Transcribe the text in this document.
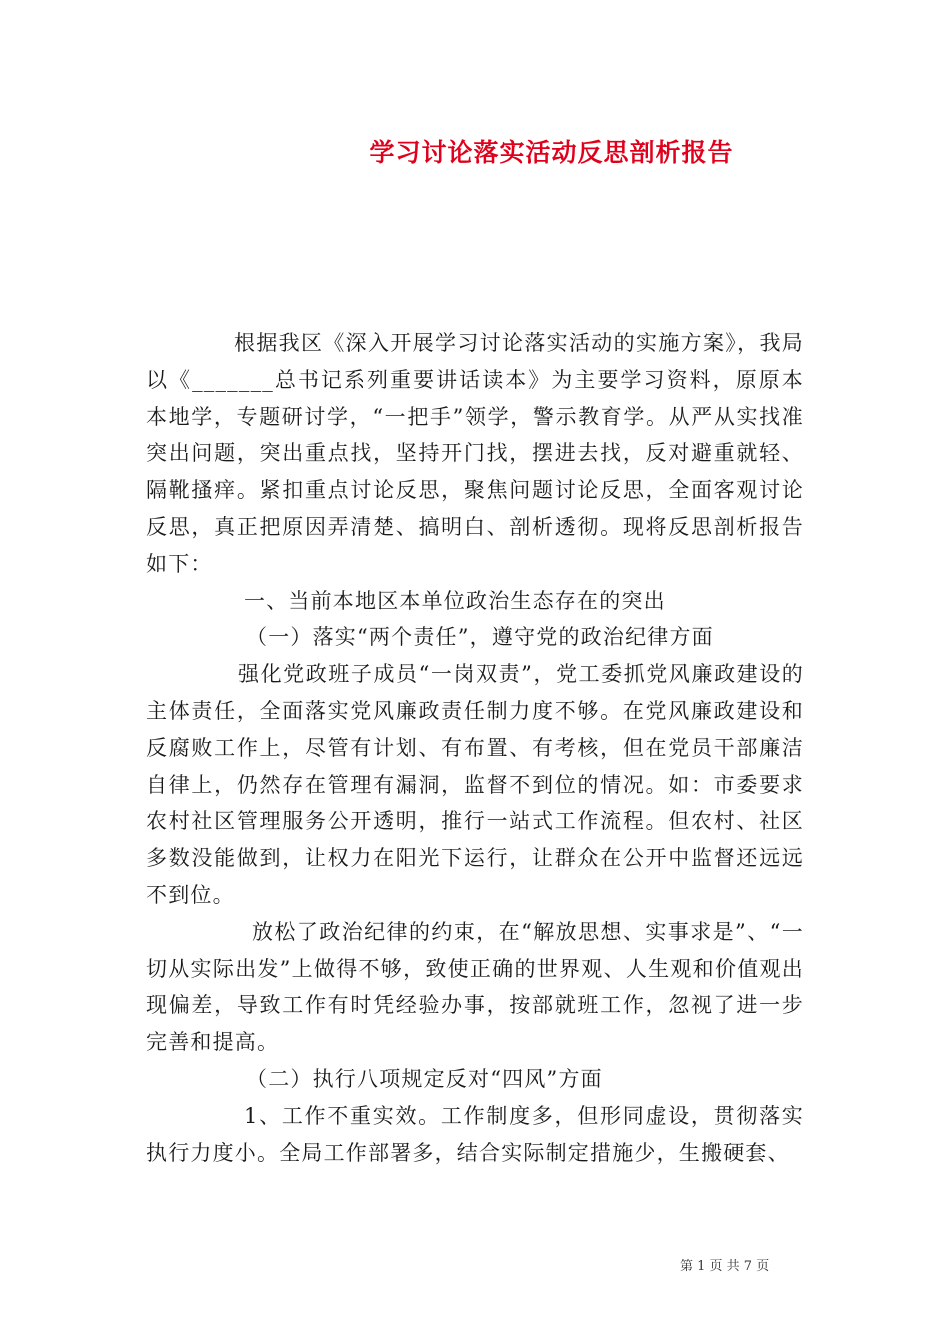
学习讨论落实活动反思剖析报告

根据我区《深入开展学习讨论落实活动的实施方案》，我局以《_______总书记系列重要讲话读本》为主要学习资料，原原本本地学，专题研讨学，“一把手”领学，警示教育学。从严从实找准突出问题，突出重点找，坚持开门找，摆进去找，反对避重就轻、隔靴搔痒。紧扣重点讨论反思，聚焦问题讨论反思，全面客观讨论反思，真正把原因弄清楚、搞明白、剖析透彻。现将反思剖析报告如下：

一、当前本地区本单位政治生态存在的突出

（一）落实“两个责任”，遵守党的政治纪律方面

强化党政班子成员“一岗双责”，党工委抓党风廉政建设的主体责任，全面落实党风廉政责任制力度不够。在党风廉政建设和反腐败工作上，尽管有计划、有布置、有考核，但在党员干部廉洁自律上，仍然存在管理有漏洞，监督不到位的情况。如：市委要求农村社区管理服务公开透明，推行一站式工作流程。但农村、社区多数没能做到，让权力在阳光下运行，让群众在公开中监督还远远不到位。

放松了政治纪律的约束，在“解放思想、实事求是”、“一切从实际出发”上做得不够，致使正确的世界观、人生观和价值观出现偏差，导致工作有时凭经验办事，按部就班工作，忽视了进一步完善和提高。

（二）执行八项规定反对“四风”方面

1、工作不重实效。工作制度多，但形同虚设，贯彻落实执行力度小。全局工作部署多，结合实际制定措施少，生搬硬套、

第 1 页 共 7 页
